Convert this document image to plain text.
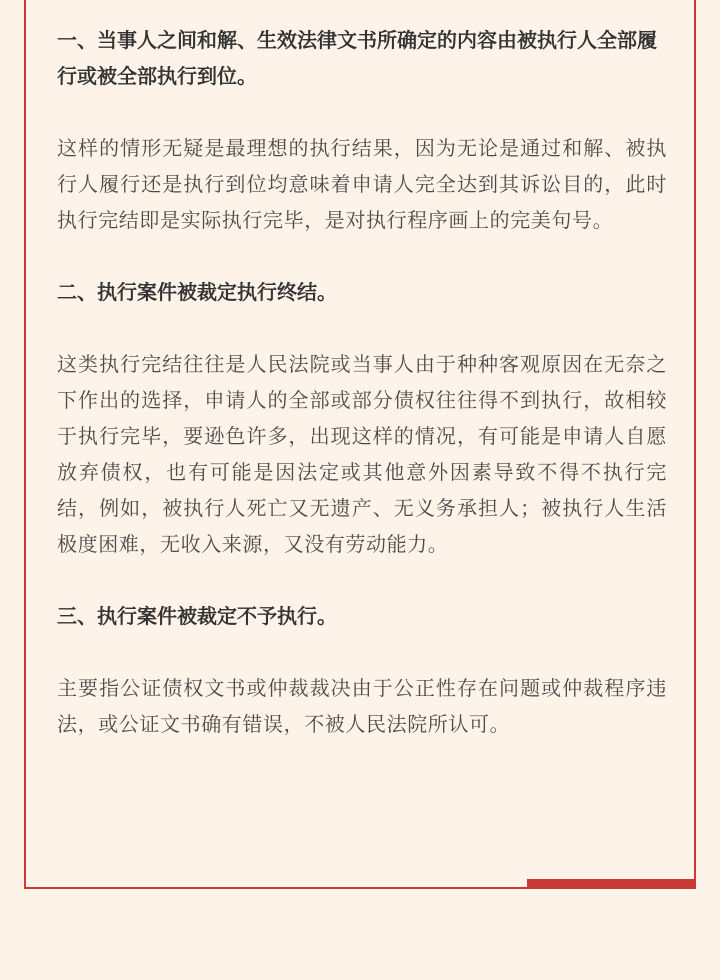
一、当事人之间和解、生效法律文书所确定的内容由被执行人全部履行或被全部执行到位。

这样的情形无疑是最理想的执行结果，因为无论是通过和解、被执行人履行还是执行到位均意味着申请人完全达到其诉讼目的，此时执行完结即是实际执行完毕，是对执行程序画上的完美句号。

二、执行案件被裁定执行终结。

这类执行完结往往是人民法院或当事人由于种种客观原因在无奈之下作出的选择，申请人的全部或部分债权往往得不到执行，故相较于执行完毕，要逊色许多，出现这样的情况，有可能是申请人自愿放弃债权，也有可能是因法定或其他意外因素导致不得不执行完结，例如，被执行人死亡又无遗产、无义务承担人；被执行人生活极度困难，无收入来源，又没有劳动能力。

三、执行案件被裁定不予执行。

主要指公证债权文书或仲裁裁决由于公正性存在问题或仲裁程序违法，或公证文书确有错误，不被人民法院所认可。
